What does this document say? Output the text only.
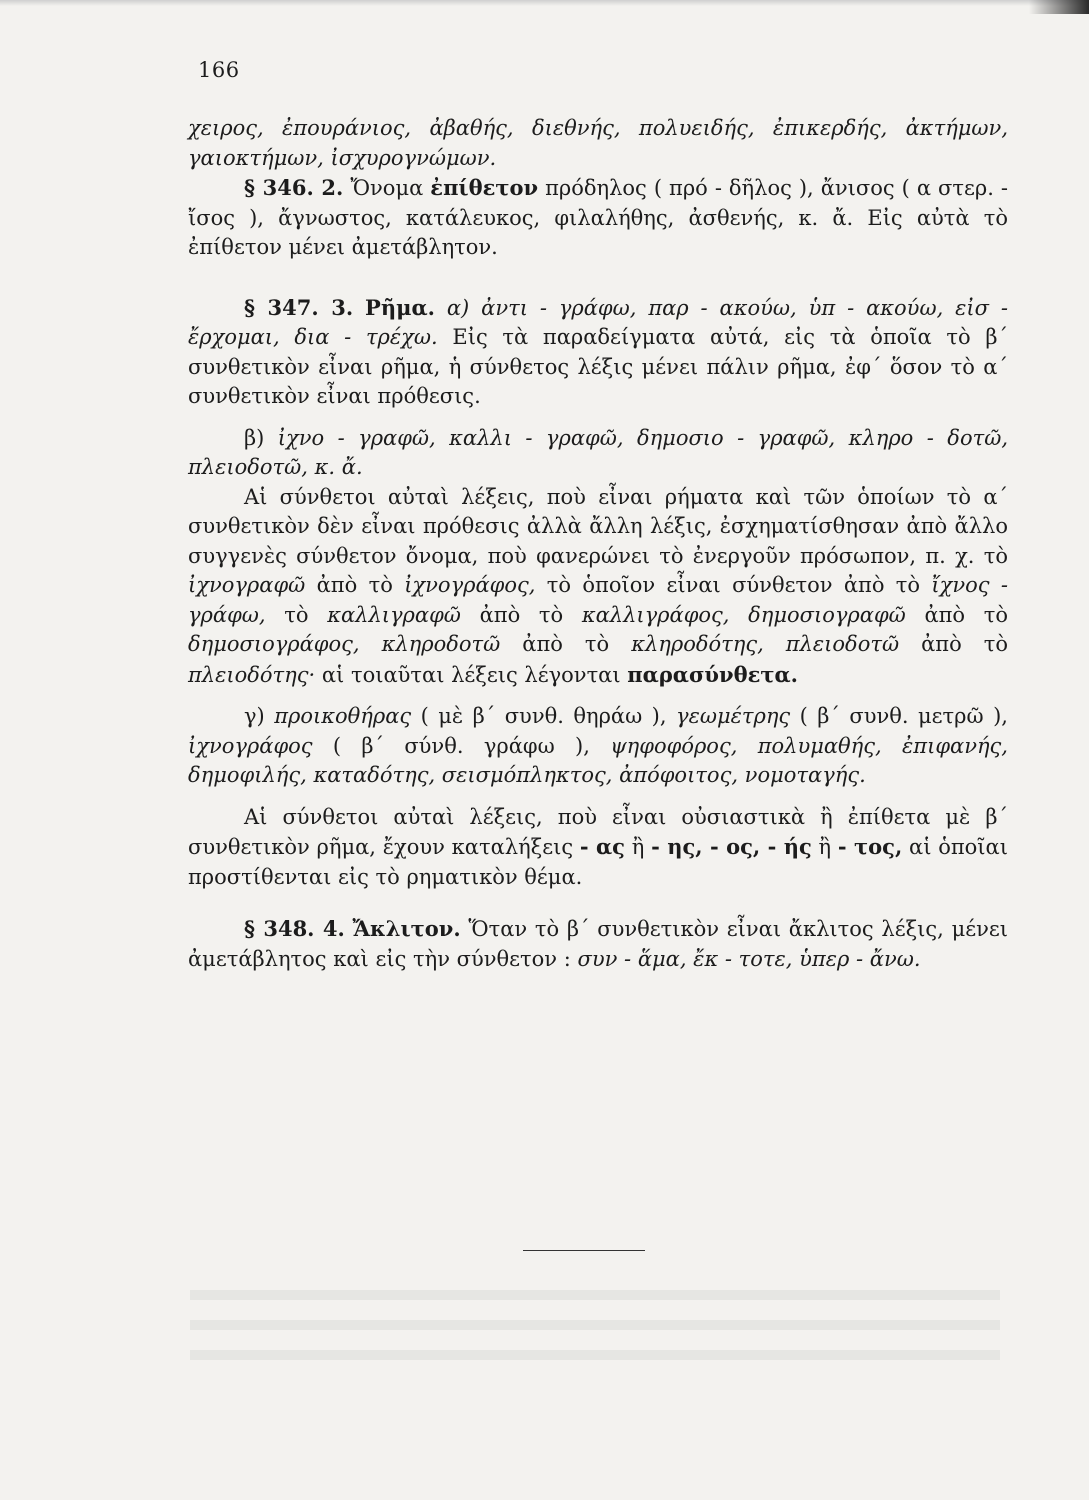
166

χειρος, ἐπουράνιος, ἀβαθής, διεθνής, πολυειδής, ἐπικερδής, ἀκτήμων, γαιοκτήμων, ἰσχυρογνώμων.

§ 346. 2. Ὄνομα ἐπίθετον πρόδηλος ( πρό - δῆλος ), ἄνισος ( α στερ. - ἴσος ), ἄγνωστος, κατάλευκος, φιλαλήθης, ἀσθενής, κ. ἄ. Εἰς αὐτὰ τὸ ἐπίθετον μένει ἀμετάβλητον.

§ 347. 3. Ρῆμα. α) ἀντι - γράφω, παρ - ακούω, ὑπ - ακούω, εἰσ - ἔρχομαι, δια - τρέχω. Εἰς τὰ παραδείγματα αὐτά, εἰς τὰ ὁποῖα τὸ β΄ συνθετικὸν εἶναι ρῆμα, ἡ σύνθετος λέξις μένει πάλιν ρῆμα, ἐφ΄ ὅσον τὸ α΄ συνθετικὸν εἶναι πρόθεσις.

β) ἰχνο - γραφῶ, καλλι - γραφῶ, δημοσιο - γραφῶ, κληρο - δοτῶ, πλειοδοτῶ, κ. ἄ.

Αἱ σύνθετοι αὐταὶ λέξεις, ποὺ εἶναι ρήματα καὶ τῶν ὁποίων τὸ α΄ συνθετικὸν δὲν εἶναι πρόθεσις ἀλλὰ ἄλλη λέξις, ἐσχηματίσθησαν ἀπὸ ἄλλο συγγενὲς σύνθετον ὄνομα, ποὺ φανερώνει τὸ ἐνεργοῦν πρόσωπον, π. χ. τὸ ἰχνογραφῶ ἀπὸ τὸ ἰχνογράφος, τὸ ὁποῖον εἶναι σύνθετον ἀπὸ τὸ ἴχνος - γράφω, τὸ καλλιγραφῶ ἀπὸ τὸ καλλιγράφος, δημοσιογραφῶ ἀπὸ τὸ δημοσιογράφος, κληροδοτῶ ἀπὸ τὸ κληροδότης, πλειοδοτῶ ἀπὸ τὸ πλειοδότης· αἱ τοιαῦται λέξεις λέγονται παρασύνθετα.

γ) προικοθήρας ( μὲ β΄ συνθ. θηράω ), γεωμέτρης ( β΄ συνθ. μετρῶ ), ἰχνογράφος ( β΄ σύνθ. γράφω ), ψηφοφόρος, πολυμαθής, ἐπιφανής, δημοφιλής, καταδότης, σεισμόπληκτος, ἀπόφοιτος, νομοταγής.

Αἱ σύνθετοι αὐταὶ λέξεις, ποὺ εἶναι οὐσιαστικὰ ἢ ἐπίθετα μὲ β΄ συνθετικὸν ρῆμα, ἔχουν καταλήξεις - ας ἢ - ης, - ος, - ής ἢ - τος, αἱ ὁποῖαι προστίθενται εἰς τὸ ρηματικὸν θέμα.

§ 348. 4. Ἄκλιτον. Ὅταν τὸ β΄ συνθετικὸν εἶναι ἄκλιτος λέξις, μένει ἀμετάβλητος καὶ εἰς τὴν σύνθετον : συν - ἅμα, ἔκ - τοτε, ὑπερ - ἄνω.
